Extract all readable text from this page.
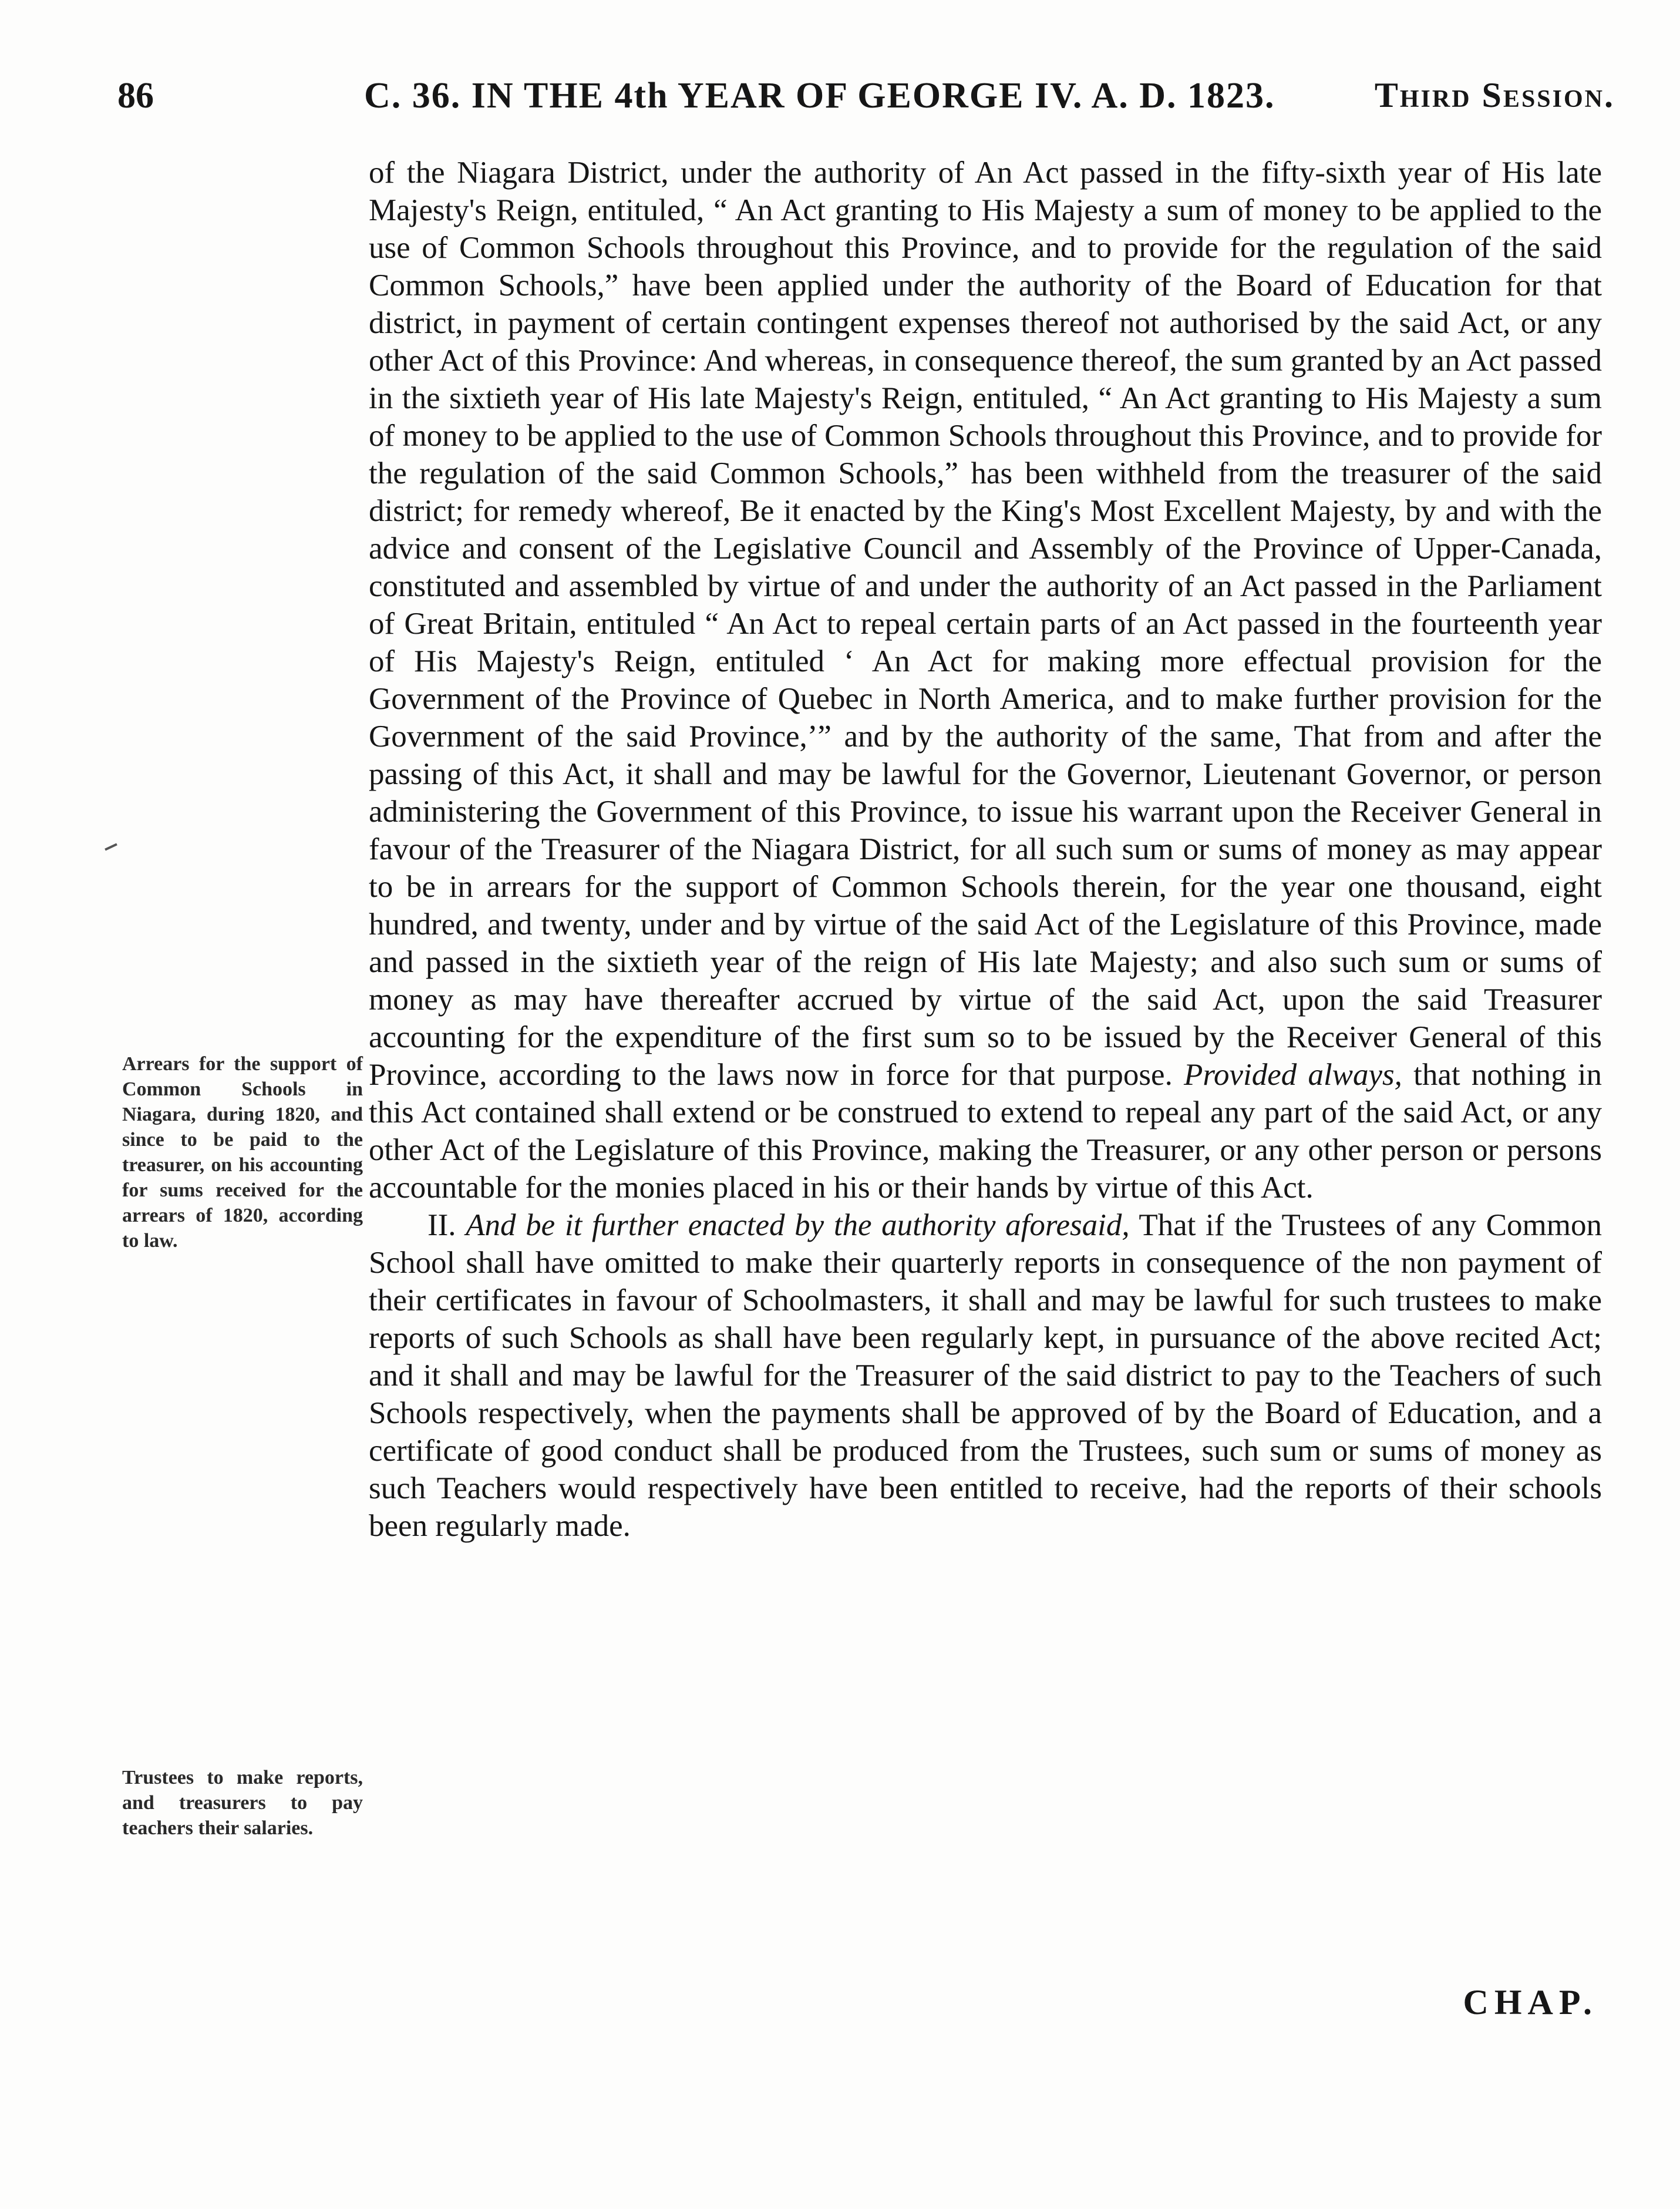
86	C. 36. IN THE 4th YEAR OF GEORGE IV. A. D. 1823.	Third Session.

of the Niagara District, under the authority of An Act passed in the fifty-sixth year of His late Majesty's Reign, entituled, “ An Act granting to His Majesty a sum of money to be applied to the use of Common Schools throughout this Province, and to provide for the regulation of the said Common Schools,” have been applied under the authority of the Board of Education for that district, in payment of certain contingent expenses thereof not authorised by the said Act, or any other Act of this Province: And whereas, in consequence thereof, the sum granted by an Act passed in the sixtieth year of His late Majesty's Reign, entituled, “ An Act granting to His Majesty a sum of money to be applied to the use of Common Schools throughout this Province, and to provide for the regulation of the said Common Schools,” has been withheld from the treasurer of the said district; for remedy whereof, Be it enacted by the King's Most Excellent Majesty, by and with the advice and consent of the Legislative Council and Assembly of the Province of Upper-Canada, constituted and assembled by virtue of and under the authority of an Act passed in the Parliament of Great Britain, entituled “ An Act to repeal certain parts of an Act passed in the fourteenth year of His Majesty's Reign, entituled ‘ An Act for making more effectual provision for the Government of the Province of Quebec in North America, and to make further provision for the Government of the said Province,’” and by the authority of the same, That from and after the passing of this Act, it shall and may be lawful for the Governor, Lieutenant Governor, or person administering the Government of this Province, to issue his warrant upon the Receiver General in favour of the Treasurer of the Niagara District, for all such sum or sums of money as may appear to be in arrears for the support of Common Schools therein, for the year one thousand, eight hundred, and twenty, under and by virtue of the said Act of the Legislature of this Province, made and passed in the sixtieth year of the reign of His late Majesty; and also such sum or sums of money as may have thereafter accrued by virtue of the said Act, upon the said Treasurer accounting for the expenditure of the first sum so to be issued by the Receiver General of this Province, according to the laws now in force for that purpose. Provided always, that nothing in this Act contained shall extend or be construed to extend to repeal any part of the said Act, or any other Act of the Legislature of this Province, making the Treasurer, or any other person or persons accountable for the monies placed in his or their hands by virtue of this Act.

II. And be it further enacted by the authority aforesaid, That if the Trustees of any Common School shall have omitted to make their quarterly reports in consequence of the non payment of their certificates in favour of Schoolmasters, it shall and may be lawful for such trustees to make reports of such Schools as shall have been regularly kept, in pursuance of the above recited Act; and it shall and may be lawful for the Treasurer of the said district to pay to the Teachers of such Schools respectively, when the payments shall be approved of by the Board of Education, and a certificate of good conduct shall be produced from the Trustees, such sum or sums of money as such Teachers would respectively have been entitled to receive, had the reports of their schools been regularly made.

Arrears for the support of Common Schools in Niagara, during 1820, and since to be paid to the treasurer, on his accounting for sums received for the arrears of 1820, according to law.
Trustees to make reports, and treasurers to pay teachers their salaries.
CHAP.
